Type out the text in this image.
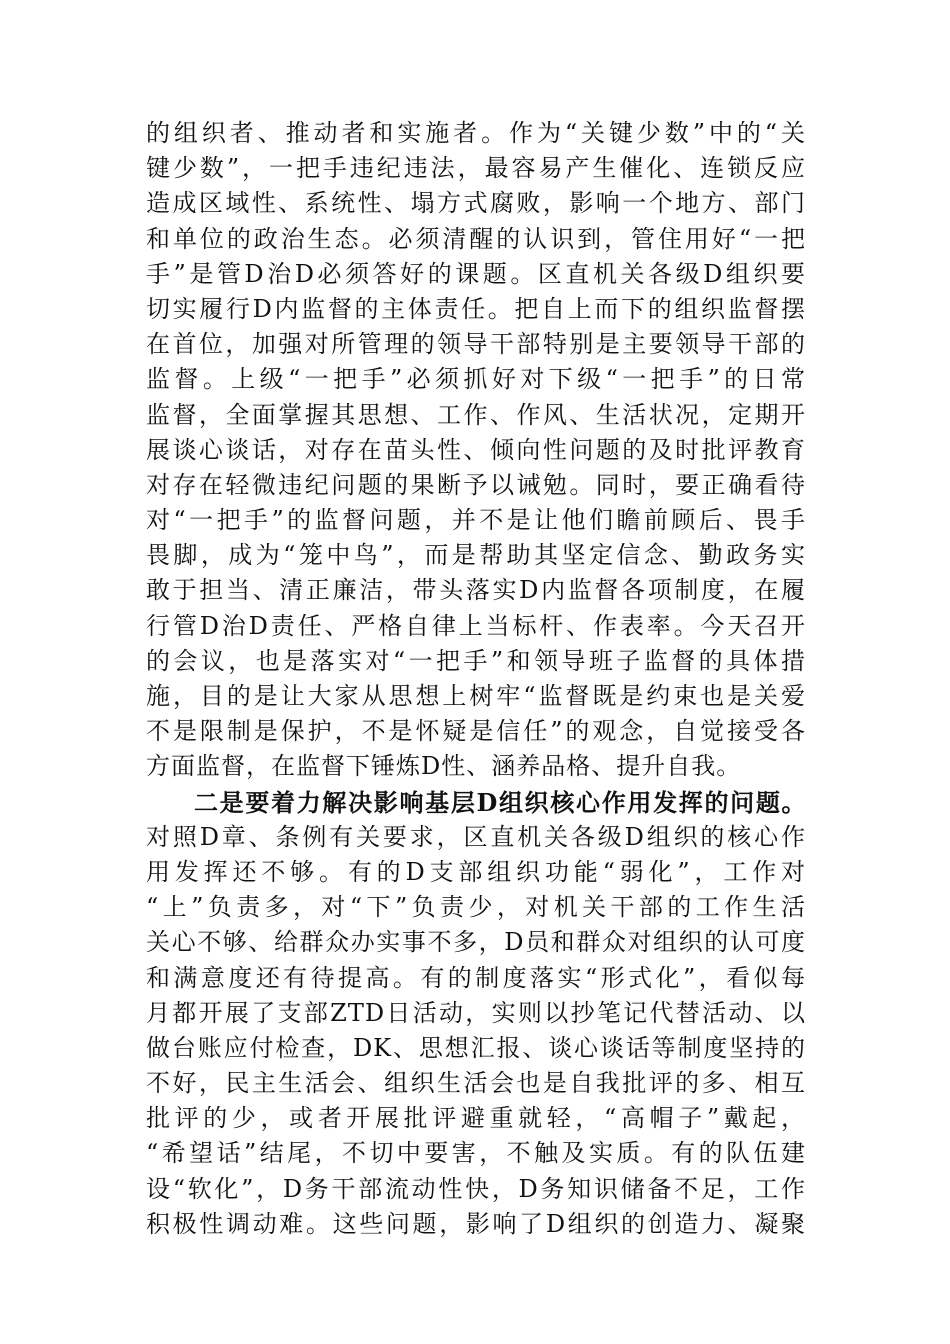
的组织者、推动者和实施者。作为“关键少数”中的“关
键少数”，一把手违纪违法，最容易产生催化、连锁反应
造成区域性、系统性、塌方式腐败，影响一个地方、部门
和单位的政治生态。必须清醒的认识到，管住用好“一把
手”是管D治D必须答好的课题。区直机关各级D组织要
切实履行D内监督的主体责任。把自上而下的组织监督摆
在首位，加强对所管理的领导干部特别是主要领导干部的
监督。上级“一把手”必须抓好对下级“一把手”的日常
监督，全面掌握其思想、工作、作风、生活状况，定期开
展谈心谈话，对存在苗头性、倾向性问题的及时批评教育
对存在轻微违纪问题的果断予以诫勉。同时，要正确看待
对“一把手”的监督问题，并不是让他们瞻前顾后、畏手
畏脚，成为“笼中鸟”，而是帮助其坚定信念、勤政务实
敢于担当、清正廉洁，带头落实D内监督各项制度，在履
行管D治D责任、严格自律上当标杆、作表率。今天召开
的会议，也是落实对“一把手”和领导班子监督的具体措
施，目的是让大家从思想上树牢“监督既是约束也是关爱
不是限制是保护，不是怀疑是信任”的观念，自觉接受各
方面监督，在监督下锤炼D性、涵养品格、提升自我。
二是要着力解决影响基层D组织核心作用发挥的问题。
对照D章、条例有关要求，区直机关各级D组织的核心作
用发挥还不够。有的D支部组织功能“弱化”，工作对
“上”负责多，对“下”负责少，对机关干部的工作生活
关心不够、给群众办实事不多，D员和群众对组织的认可度
和满意度还有待提高。有的制度落实“形式化”，看似每
月都开展了支部ZTD日活动，实则以抄笔记代替活动、以
做台账应付检查，DK、思想汇报、谈心谈话等制度坚持的
不好，民主生活会、组织生活会也是自我批评的多、相互
批评的少，或者开展批评避重就轻，“高帽子”戴起，
“希望话”结尾，不切中要害，不触及实质。有的队伍建
设“软化”，D务干部流动性快，D务知识储备不足，工作
积极性调动难。这些问题，影响了D组织的创造力、凝聚
